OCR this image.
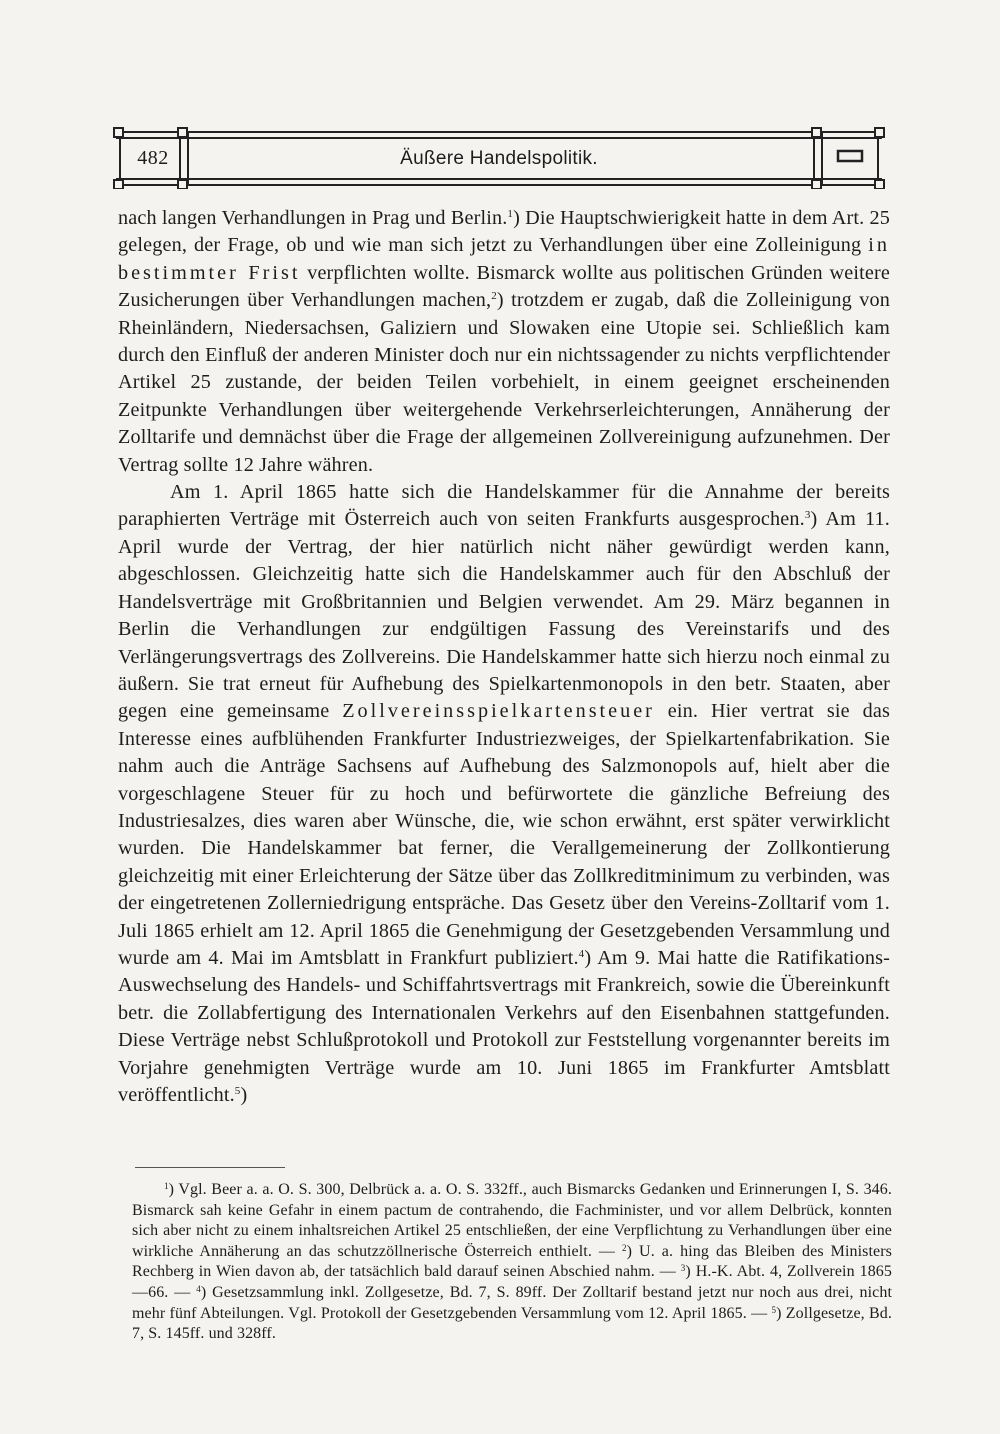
482	Äußere Handelspolitik.

nach langen Verhandlungen in Prag und Berlin.$^1$) Die Hauptschwierigkeit hatte in dem Art. 25 gelegen, der Frage, ob und wie man sich jetzt zu Verhandlungen über eine Zolleinigung in bestimmter Frist verpflichten wollte. Bismarck wollte aus politischen Gründen weitere Zusicherungen über Verhandlungen machen,$^2$) trotzdem er zugab, daß die Zolleinigung von Rheinländern, Niedersachsen, Galiziern und Slowaken eine Utopie sei. Schließlich kam durch den Einfluß der anderen Minister doch nur ein nichtssagender zu nichts verpflichtender Artikel 25 zustande, der beiden Teilen vorbehielt, in einem geeignet erscheinenden Zeitpunkte Verhandlungen über weitergehende Verkehrserleichterungen, Annäherung der Zolltarife und demnächst über die Frage der allgemeinen Zollvereinigung aufzunehmen. Der Vertrag sollte 12 Jahre währen.

Am 1. April 1865 hatte sich die Handelskammer für die Annahme der bereits paraphierten Verträge mit Österreich auch von seiten Frankfurts ausgesprochen.$^3$) Am 11. April wurde der Vertrag, der hier natürlich nicht näher gewürdigt werden kann, abgeschlossen. Gleichzeitig hatte sich die Handelskammer auch für den Abschluß der Handelsverträge mit Großbritannien und Belgien verwendet. Am 29. März begannen in Berlin die Verhandlungen zur endgültigen Fassung des Vereinstarifs und des Verlängerungsvertrags des Zollvereins. Die Handelskammer hatte sich hierzu noch einmal zu äußern. Sie trat erneut für Aufhebung des Spielkartenmonopols in den betr. Staaten, aber gegen eine gemeinsame Zollvereinsspielkartensteuer ein. Hier vertrat sie das Interesse eines aufblühenden Frankfurter Industriezweiges, der Spielkartenfabrikation. Sie nahm auch die Anträge Sachsens auf Aufhebung des Salzmonopols auf, hielt aber die vorgeschlagene Steuer für zu hoch und befürwortete die gänzliche Befreiung des Industriesalzes, dies waren aber Wünsche, die, wie schon erwähnt, erst später verwirklicht wurden. Die Handelskammer bat ferner, die Verallgemeinerung der Zollkontierung gleichzeitig mit einer Erleichterung der Sätze über das Zollkreditminimum zu verbinden, was der eingetretenen Zollerniedrigung entspräche. Das Gesetz über den Vereins-Zolltarif vom 1. Juli 1865 erhielt am 12. April 1865 die Genehmigung der Gesetzgebenden Versammlung und wurde am 4. Mai im Amtsblatt in Frankfurt publiziert.$^4$) Am 9. Mai hatte die Ratifikations-Auswechselung des Handels- und Schiffahrtsvertrags mit Frankreich, sowie die Übereinkunft betr. die Zollabfertigung des Internationalen Verkehrs auf den Eisenbahnen stattgefunden. Diese Verträge nebst Schlußprotokoll und Protokoll zur Feststellung vorgenannter bereits im Vorjahre genehmigten Verträge wurde am 10. Juni 1865 im Frankfurter Amtsblatt veröffentlicht.$^5$)

$^1$) Vgl. Beer a. a. O. S. 300, Delbrück a. a. O. S. 332ff., auch Bismarcks Gedanken und Erinnerungen I, S. 346. Bismarck sah keine Gefahr in einem pactum de contrahendo, die Fachminister, und vor allem Delbrück, konnten sich aber nicht zu einem inhaltsreichen Artikel 25 entschließen, der eine Verpflichtung zu Verhandlungen über eine wirkliche Annäherung an das schutzzöllnerische Österreich enthielt. — $^2$) U. a. hing das Bleiben des Ministers Rechberg in Wien davon ab, der tatsächlich bald darauf seinen Abschied nahm. — $^3$) H.-K. Abt. 4, Zollverein 1865—66. — $^4$) Gesetzsammlung inkl. Zollgesetze, Bd. 7, S. 89ff. Der Zolltarif bestand jetzt nur noch aus drei, nicht mehr fünf Abteilungen. Vgl. Protokoll der Gesetzgebenden Versammlung vom 12. April 1865. — $^5$) Zollgesetze, Bd. 7, S. 145ff. und 328ff.
